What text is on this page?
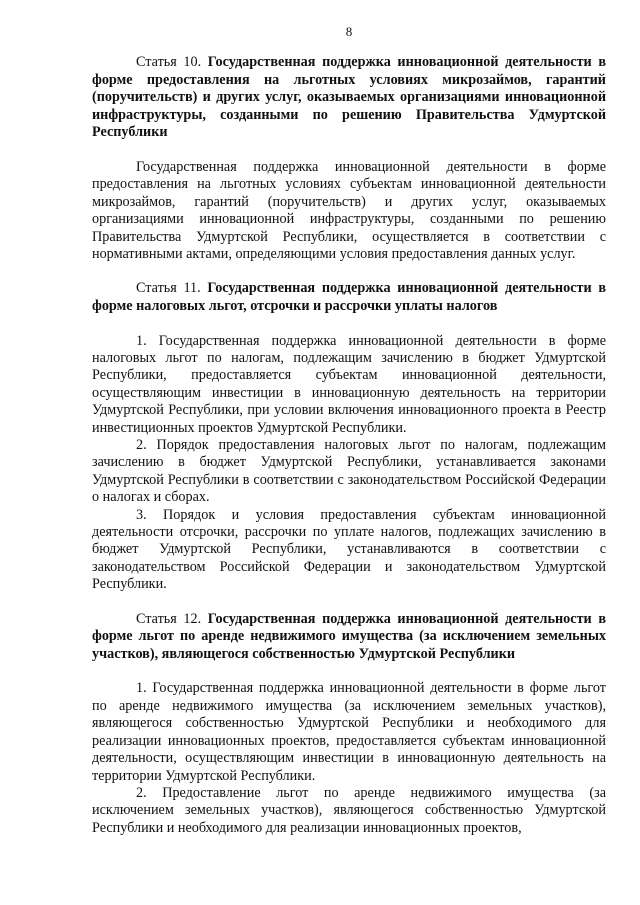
8

Статья 10. Государственная поддержка инновационной деятельности в форме предоставления на льготных условиях микрозаймов, гарантий (поручительств) и других услуг, оказываемых организациями инновационной инфраструктуры, созданными по решению Правительства Удмуртской Республики

Государственная поддержка инновационной деятельности в форме предоставления на льготных условиях субъектам инновационной деятельности микрозаймов, гарантий (поручительств) и других услуг, оказываемых организациями инновационной инфраструктуры, созданными по решению Правительства Удмуртской Республики, осуществляется в соответствии с нормативными актами, определяющими условия предоставления данных услуг.

Статья 11. Государственная поддержка инновационной деятельности в форме налоговых льгот, отсрочки и рассрочки уплаты налогов

1. Государственная поддержка инновационной деятельности в форме налоговых льгот по налогам, подлежащим зачислению в бюджет Удмуртской Республики, предоставляется субъектам инновационной деятельности, осуществляющим инвестиции в инновационную деятельность на территории Удмуртской Республики, при условии включения инновационного проекта в Реестр инвестиционных проектов Удмуртской Республики.

2. Порядок предоставления налоговых льгот по налогам, подлежащим зачислению в бюджет Удмуртской Республики, устанавливается законами Удмуртской Республики в соответствии с законодательством Российской Федерации о налогах и сборах.

3. Порядок и условия предоставления субъектам инновационной деятельности отсрочки, рассрочки по уплате налогов, подлежащих зачислению в бюджет Удмуртской Республики, устанавливаются в соответствии с законодательством Российской Федерации и законодательством Удмуртской Республики.

Статья 12. Государственная поддержка инновационной деятельности в форме льгот по аренде недвижимого имущества (за исключением земельных участков), являющегося собственностью Удмуртской Республики

1. Государственная поддержка инновационной деятельности в форме льгот по аренде недвижимого имущества (за исключением земельных участков), являющегося собственностью Удмуртской Республики и необходимого для реализации инновационных проектов, предоставляется субъектам инновационной деятельности, осуществляющим инвестиции в инновационную деятельность на территории Удмуртской Республики.

2. Предоставление льгот по аренде недвижимого имущества (за исключением земельных участков), являющегося собственностью Удмуртской Республики и необходимого для реализации инновационных проектов,
